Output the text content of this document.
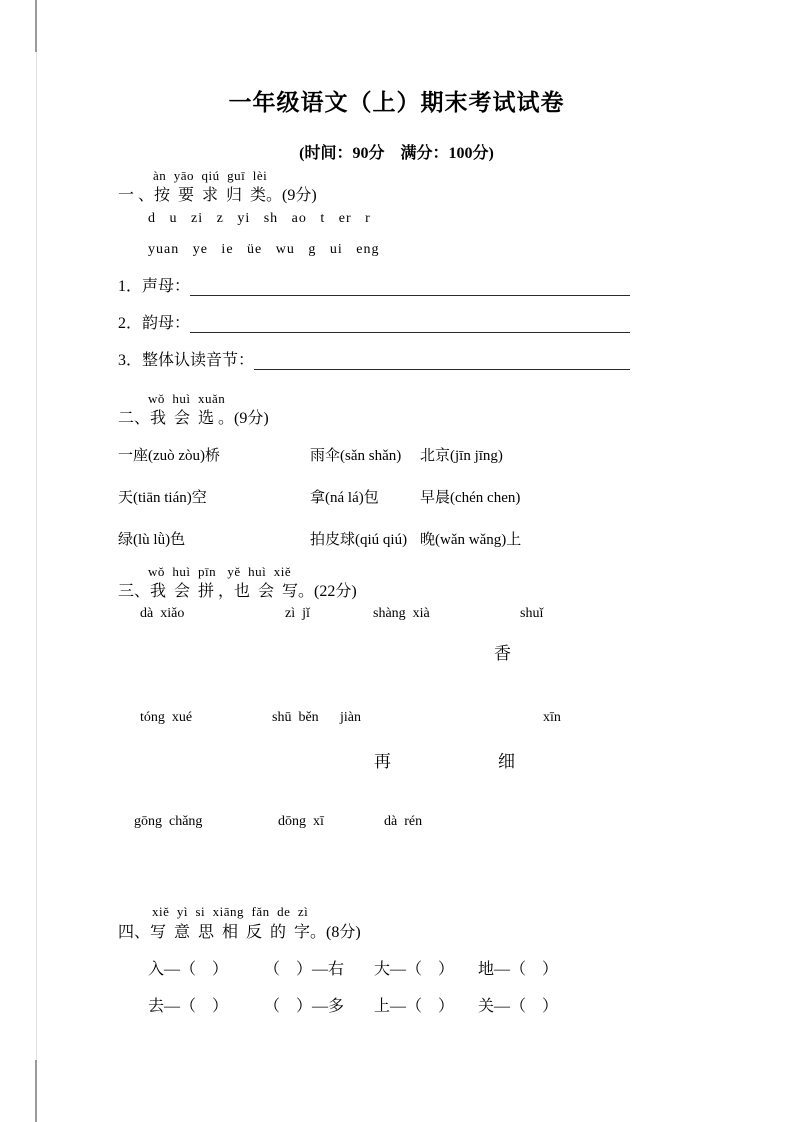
一年级语文（上）期末考试试卷
(时间：90分　满分：100分)
àn  yāo  qiú  guī  lèi
一 、按  要  求  归  类。(9分)
d   u   zi   z   yi   sh   ao   t   er   r
yuan   ye   ie   üe   wu   g   ui   eng
1．声母：
2．韵母：
3．整体认读音节：
wǒ  huì  xuǎn
二、我  会  选 。(9分)
一座(zuò zòu)桥	雨伞(sǎn shǎn) 北京(jīn jīng)
天(tiān tián)空	拿(ná lá)包	早晨(chén chen)
绿(lù lǜ)色	拍皮球(qiú qiú) 晚(wǎn wǎng)上
wǒ  huì  pīn   yě  huì  xiě
三、我  会  拼 ，也  会  写。(22分)
dà  xiǎo	zì  jǐ	shàng  xià	shuǐ
香
tóng  xué	shū  běn jiàn	xīn
再	细
gōng  chǎng	dōng  xī	dà  rén
xiě  yì  si  xiāng  fǎn  de  zì
四、写  意  思  相  反  的  字。(8分)
入—（　） （　）—右 大—（　） 地—（　）
去—（　） （　）—多 上—（　） 关—（　）
